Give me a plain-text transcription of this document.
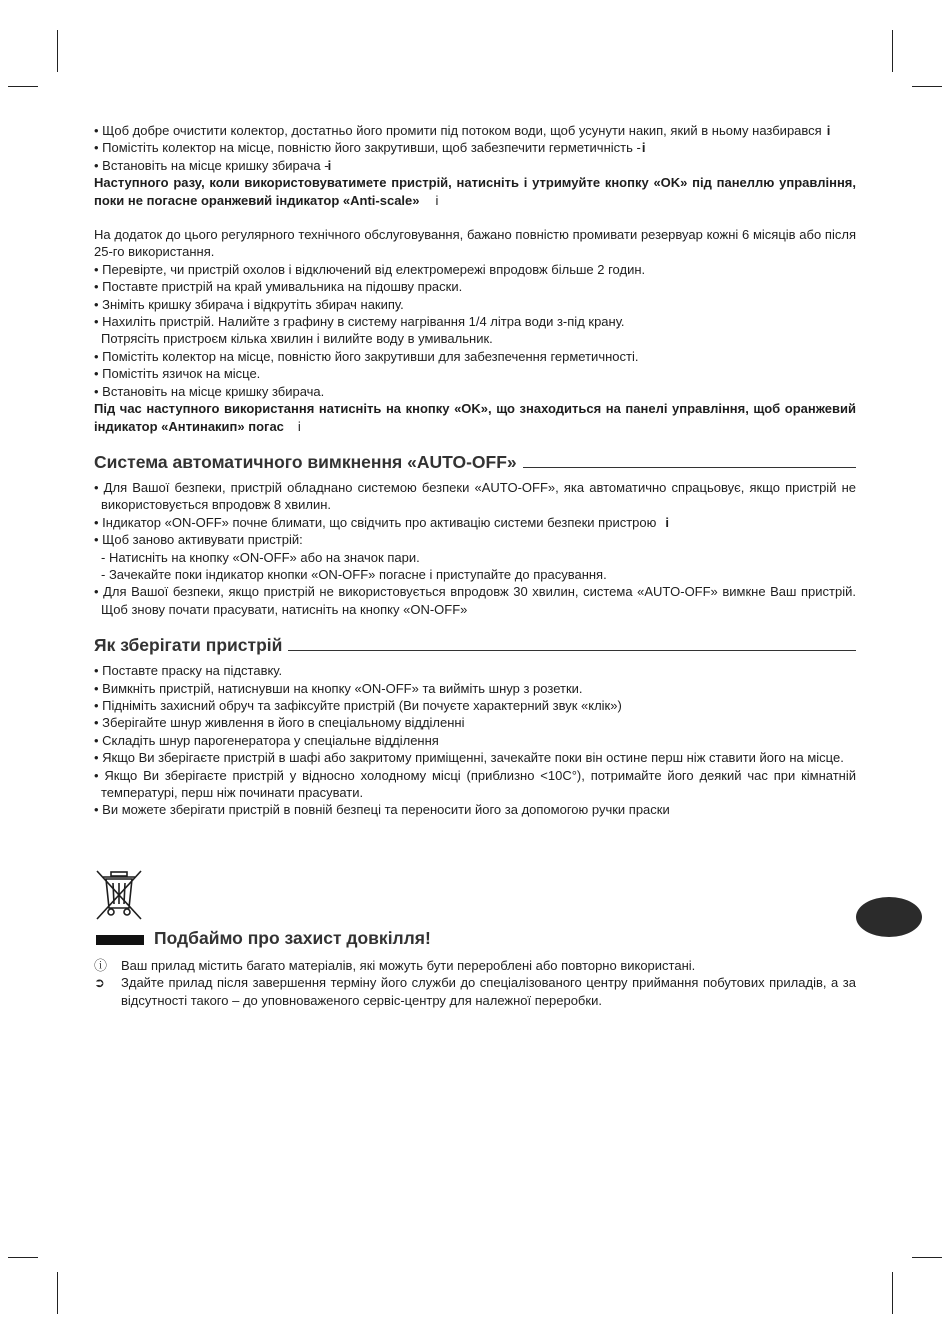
• Щоб добре очистити колектор, достатньо його промити під потоком води, щоб усунути накип, який в ньому назбирався i

• Помістіть колектор на місце, повністю його закрутивши, щоб забезпечити герметичність -i

• Встановіть на місце кришку збирача -i

Наступного разу, коли використовуватимете пристрій, натисніть і утримуйте кнопку «OK» під панеллю управління, поки не погасне оранжевий індикатор «Anti-scale» i

На додаток до цього регулярного технічного обслуговування, бажано повністю промивати резервуар кожні 6 місяців або після 25-го використання.

• Перевірте, чи пристрій охолов і відключений від електромережі впродовж більше 2 годин.

• Поставте пристрій на край умивальника на підошву праски.

• Зніміть кришку збирача і відкрутіть збирач накипу.

• Нахиліть пристрій. Налийте з графину в систему нагрівання 1/4 літра води з-під крану.

Потрясіть пристроєм кілька хвилин і вилийте воду в умивальник.

• Помістіть колектор на місце, повністю його закрутивши для забезпечення герметичності.

• Помістіть язичок на місце.

• Встановіть на місце кришку збирача.

Під час наступного використання натисніть на кнопку «OK», що знаходиться на панелі управління, щоб оранжевий індикатор «Антинакип» погас i

Система автоматичного вимкнення «AUTO-OFF»

• Для Вашої безпеки, пристрій обладнано системою безпеки «AUTO-OFF», яка автоматично спрацьовує, якщо пристрій не використовується впродовж 8 хвилин.

• Індикатор «ON-OFF» почне блимати, що свідчить про активацію системи безпеки пристрою i

• Щоб заново активувати пристрій:

- Натисніть на кнопку «ON-OFF» або на значок пари.

- Зачекайте поки індикатор кнопки «ON-OFF» погасне і приступайте до прасування.

• Для Вашої безпеки, якщо пристрій не використовується впродовж 30 хвилин, система «AUTO-OFF» вимкне Ваш пристрій. Щоб знову почати прасувати, натисніть на кнопку «ON-OFF»

Як зберігати пристрій

• Поставте праску на підставку.

• Вимкніть пристрій, натиснувши на кнопку «ON-OFF» та вийміть шнур з розетки.

• Підніміть захисний обруч та зафіксуйте пристрій (Ви почуєте характерний звук «клік»)

• Зберігайте шнур живлення в його в спеціальному відділенні

• Складіть шнур парогенератора у спеціальне відділення

• Якщо Ви зберігаєте пристрій в шафі або закритому приміщенні, зачекайте поки він остине перш ніж ставити його на місце.

• Якщо Ви зберігаєте пристрій у відносно холодному місці (приблизно <10C°), потримайте його деякий час при кімнатній температурі, перш ніж починати прасувати.

• Ви можете зберігати пристрій в повній безпеці та переносити його за допомогою ручки праски

Подбаймо про захист довкілля!
ⓘ	Ваш прилад містить багато матеріалів, які можуть бути перероблені або повторно використані.
➲	Здайте прилад після завершення терміну його служби до спеціалізованого центру приймання побутових приладів, а за відсутності такого – до уповноваженого сервіс-центру для належної переробки.
